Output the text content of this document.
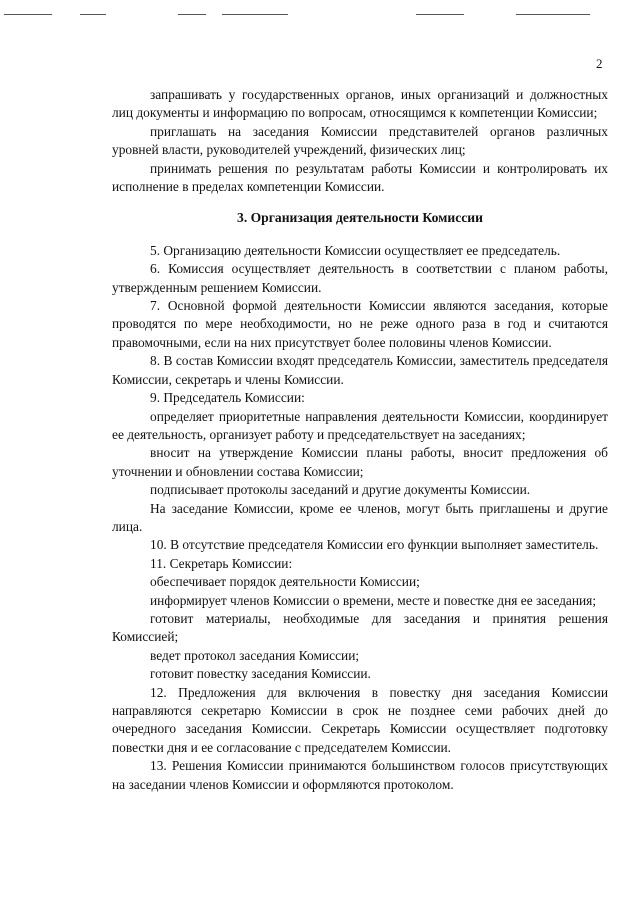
2

запрашивать у государственных органов, иных организаций и должностных лиц документы и информацию по вопросам, относящимся к компетенции Комиссии;

приглашать на заседания Комиссии представителей органов различных уровней власти, руководителей учреждений, физических лиц;

принимать решения по результатам работы Комиссии и контролировать их исполнение в пределах компетенции Комиссии.

3. Организация деятельности Комиссии

5. Организацию деятельности Комиссии осуществляет ее председатель.

6. Комиссия осуществляет деятельность в соответствии с планом работы, утвержденным решением Комиссии.

7. Основной формой деятельности Комиссии являются заседания, которые проводятся по мере необходимости, но не реже одного раза в год и считаются правомочными, если на них присутствует более половины членов Комиссии.

8. В состав Комиссии входят председатель Комиссии, заместитель председателя Комиссии, секретарь и члены Комиссии.

9. Председатель Комиссии:

определяет приоритетные направления деятельности Комиссии, координирует ее деятельность, организует работу и председательствует на заседаниях;

вносит на утверждение Комиссии планы работы, вносит предложения об уточнении и обновлении состава Комиссии;

подписывает протоколы заседаний и другие документы Комиссии.

На заседание Комиссии, кроме ее членов, могут быть приглашены и другие лица.

10. В отсутствие председателя Комиссии его функции выполняет заместитель.

11. Секретарь Комиссии:

обеспечивает порядок деятельности Комиссии;

информирует членов Комиссии о времени, месте и повестке дня ее заседания;

готовит материалы, необходимые для заседания и принятия решения Комиссией;

ведет протокол заседания Комиссии;

готовит повестку заседания Комиссии.

12. Предложения для включения в повестку дня заседания Комиссии направляются секретарю Комиссии в срок не позднее семи рабочих дней до очередного заседания Комиссии. Секретарь Комиссии осуществляет подготовку повестки дня и ее согласование с председателем Комиссии.

13. Решения Комиссии принимаются большинством голосов присутствующих на заседании членов Комиссии и оформляются протоколом.
